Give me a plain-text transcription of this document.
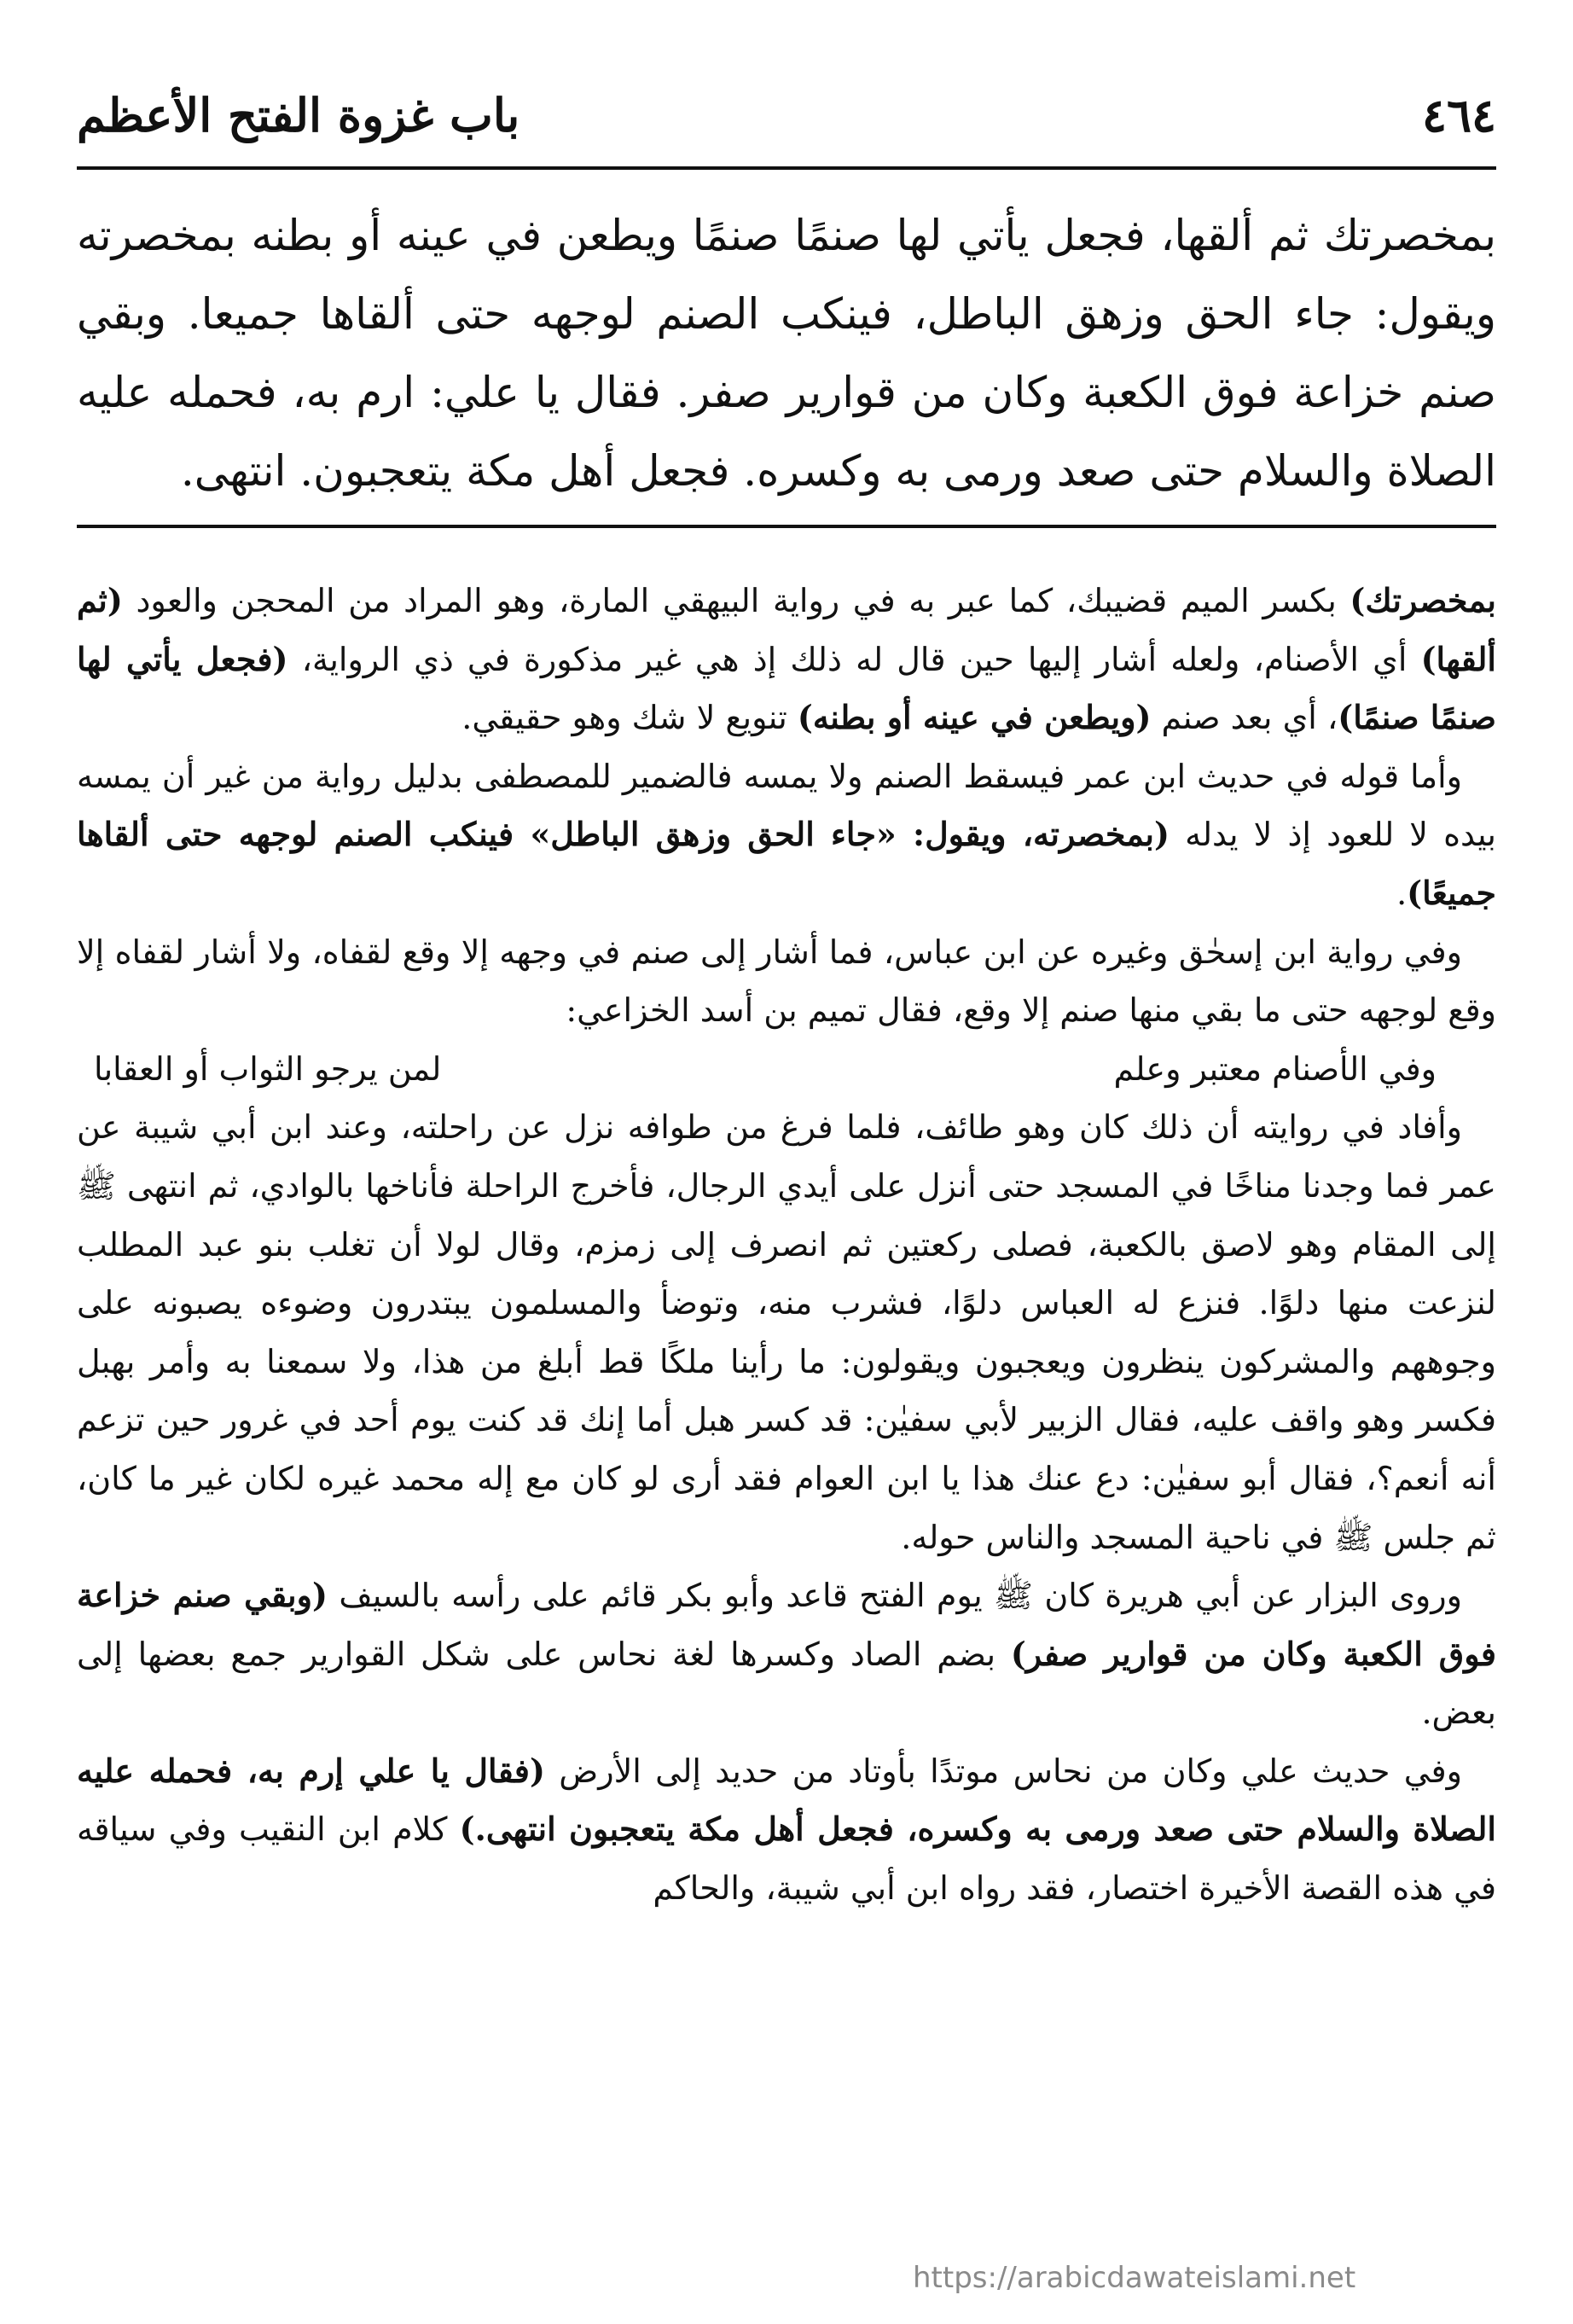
٤٦٤
باب غزوة الفتح الأعظم

بمخصرتك ثم ألقها، فجعل يأتي لها صنمًا صنمًا ويطعن في عينه أو بطنه بمخصرته ويقول: جاء الحق وزهق الباطل، فينكب الصنم لوجهه حتى ألقاها جميعا. وبقي صنم خزاعة فوق الكعبة وكان من قوارير صفر. فقال يا علي: ارم به، فحمله عليه الصلاة والسلام حتى صعد ورمى به وكسره. فجعل أهل مكة يتعجبون. انتهى.

بمخصرتك) بكسر الميم قضيبك، كما عبر به في رواية البيهقي المارة، وهو المراد من المحجن والعود (ثم ألقها) أي الأصنام، ولعله أشار إليها حين قال له ذلك إذ هي غير مذكورة في ذي الرواية، (فجعل يأتي لها صنمًا صنمًا)، أي بعد صنم (ويطعن في عينه أو بطنه) تنويع لا شك وهو حقيقي.

وأما قوله في حديث ابن عمر فيسقط الصنم ولا يمسه فالضمير للمصطفى بدليل رواية من غير أن يمسه بيده لا للعود إذ لا يدله (بمخصرته، ويقول: «جاء الحق وزهق الباطل» فينكب الصنم لوجهه حتى ألقاها جميعًا).

وفي رواية ابن إسحٰق وغيره عن ابن عباس، فما أشار إلى صنم في وجهه إلا وقع لقفاه، ولا أشار لقفاه إلا وقع لوجهه حتى ما بقي منها صنم إلا وقع، فقال تميم بن أسد الخزاعي:

وفي الأصنام معتبر وعلم
لمن يرجو الثواب أو العقابا

وأفاد في روايته أن ذلك كان وهو طائف، فلما فرغ من طوافه نزل عن راحلته، وعند ابن أبي شيبة عن عمر فما وجدنا مناخًا في المسجد حتى أنزل على أيدي الرجال، فأخرج الراحلة فأناخها بالوادي، ثم انتهى ﷺ إلى المقام وهو لاصق بالكعبة، فصلى ركعتين ثم انصرف إلى زمزم، وقال لولا أن تغلب بنو عبد المطلب لنزعت منها دلوًا. فنزع له العباس دلوًا، فشرب منه، وتوضأ والمسلمون يبتدرون وضوءه يصبونه على وجوههم والمشركون ينظرون ويعجبون ويقولون: ما رأينا ملكًا قط أبلغ من هذا، ولا سمعنا به وأمر بهبل فكسر وهو واقف عليه، فقال الزبير لأبي سفيٰن: قد كسر هبل أما إنك قد كنت يوم أحد في غرور حين تزعم أنه أنعم؟، فقال أبو سفيٰن: دع عنك هذا يا ابن العوام فقد أرى لو كان مع إله محمد غيره لكان غير ما كان، ثم جلس ﷺ في ناحية المسجد والناس حوله.

وروى البزار عن أبي هريرة كان ﷺ يوم الفتح قاعد وأبو بكر قائم على رأسه بالسيف (وبقي صنم خزاعة فوق الكعبة وكان من قوارير صفر) بضم الصاد وكسرها لغة نحاس على شكل القوارير جمع بعضها إلى بعض.

وفي حديث علي وكان من نحاس موتدًا بأوتاد من حديد إلى الأرض (فقال يا علي إرم به، فحمله عليه الصلاة والسلام حتى صعد ورمى به وكسره، فجعل أهل مكة يتعجبون انتهى.) كلام ابن النقيب وفي سياقه في هذه القصة الأخيرة اختصار، فقد رواه ابن أبي شيبة، والحاكم

https://arabicdawateislami.net
